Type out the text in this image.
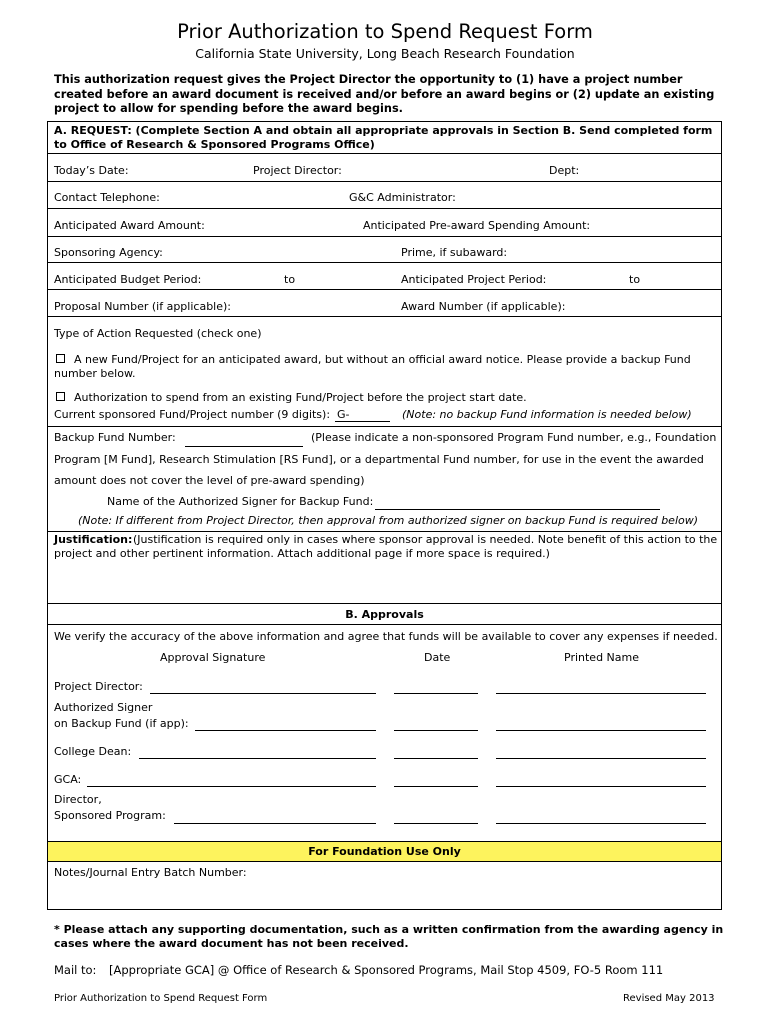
Prior Authorization to Spend Request Form
California State University, Long Beach Research Foundation
This authorization request gives the Project Director the opportunity to (1) have a project number created before an award document is received and/or before an award begins or (2) update an existing project to allow for spending before the award begins.
A. REQUEST: (Complete Section A and obtain all appropriate approvals in Section B. Send completed form to Office of Research & Sponsored Programs Office)
Today’s Date:	Project Director:	Dept:
Contact Telephone:	G&C Administrator:
Anticipated Award Amount:	Anticipated Pre-award Spending Amount:
Sponsoring Agency:	Prime, if subaward:
Anticipated Budget Period:	to	Anticipated Project Period:	to
Proposal Number (if applicable):	Award Number (if applicable):
Type of Action Requested (check one)
A new Fund/Project for an anticipated award, but without an official award notice. Please provide a backup Fund
number below.
Authorization to spend from an existing Fund/Project before the project start date.
Current sponsored Fund/Project number (9 digits): G-	(Note: no backup Fund information is needed below)
Backup Fund Number:	(Please indicate a non-sponsored Program Fund number, e.g., Foundation
Program [M Fund], Research Stimulation [RS Fund], or a departmental Fund number, for use in the event the awarded
amount does not cover the level of pre-award spending)
Name of the Authorized Signer for Backup Fund:
(Note: If different from Project Director, then approval from authorized signer on backup Fund is required below)
Justification: (Justification is required only in cases where sponsor approval is needed. Note benefit of this action to the
project and other pertinent information. Attach additional page if more space is required.)
B. Approvals
We verify the accuracy of the above information and agree that funds will be available to cover any expenses if needed.
Approval Signature	Date	Printed Name
Project Director:
Authorized Signer
on Backup Fund (if app):
College Dean:
GCA:
Director,
Sponsored Program:
For Foundation Use Only
Notes/Journal Entry Batch Number:
* Please attach any supporting documentation, such as a written confirmation from the awarding agency in cases where the award document has not been received.
Mail to: [Appropriate GCA] @ Office of Research & Sponsored Programs, Mail Stop 4509, FO-5 Room 111
Prior Authorization to Spend Request Form	Revised May 2013
